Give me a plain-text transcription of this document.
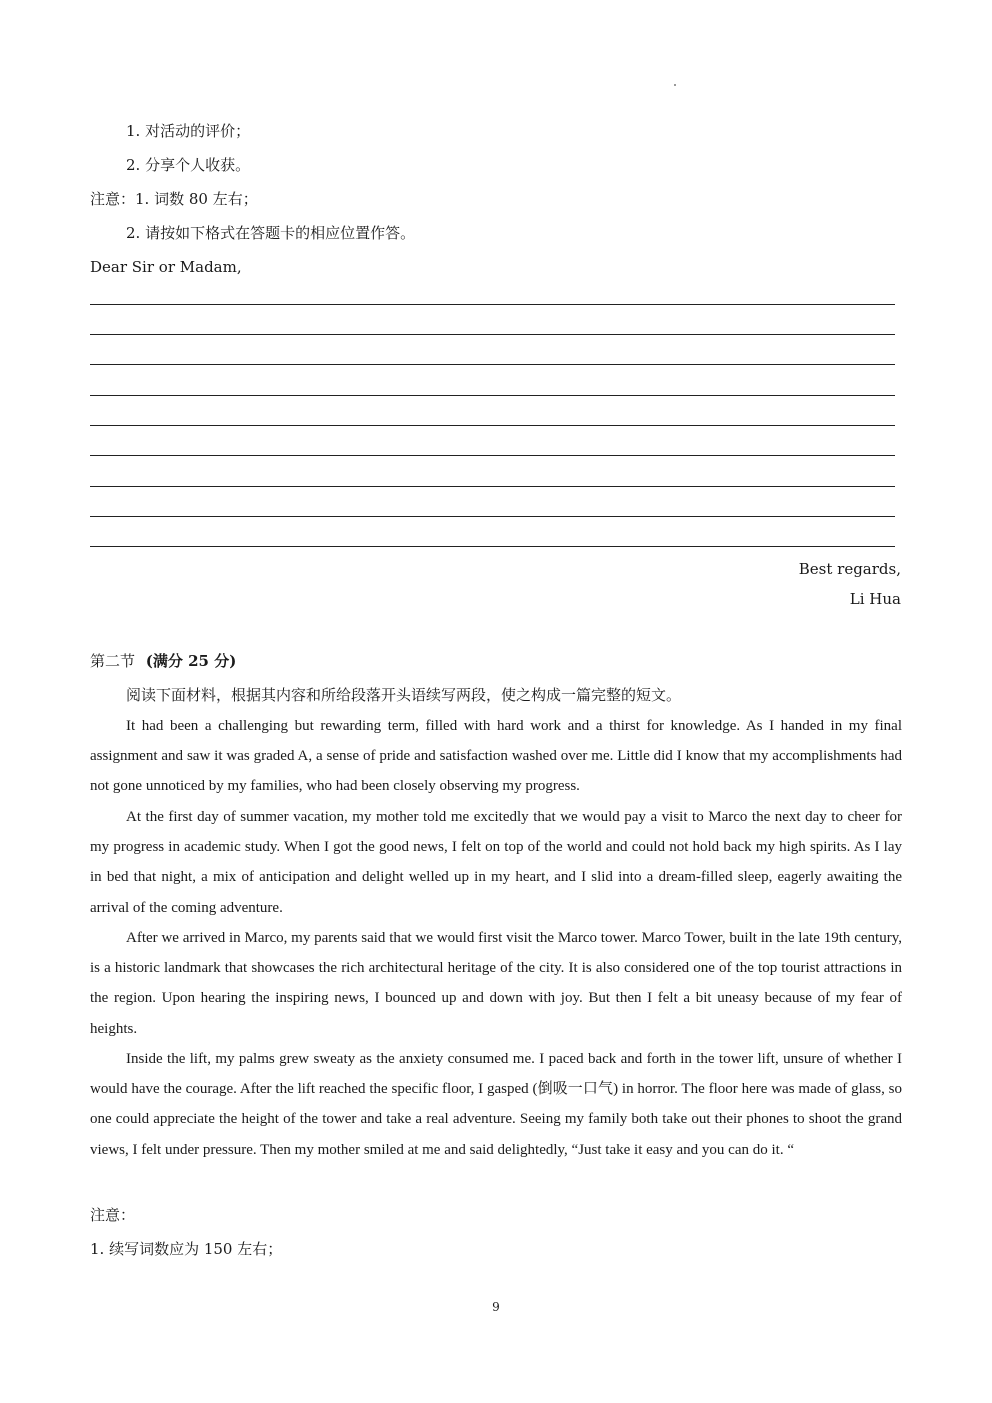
1. 对活动的评价；
2. 分享个人收获。
注意：1. 词数 80 左右；
2. 请按如下格式在答题卡的相应位置作答。
Dear Sir or Madam,
Best regards,
Li Hua
第二节 (满分 25 分)
阅读下面材料，根据其内容和所给段落开头语续写两段，使之构成一篇完整的短文。

It had been a challenging but rewarding term, filled with hard work and a thirst for knowledge. As I handed in my final assignment and saw it was graded A, a sense of pride and satisfaction washed over me. Little did I know that my accomplishments had not gone unnoticed by my families, who had been closely observing my progress.

At the first day of summer vacation, my mother told me excitedly that we would pay a visit to Marco the next day to cheer for my progress in academic study. When I got the good news, I felt on top of the world and could not hold back my high spirits. As I lay in bed that night, a mix of anticipation and delight welled up in my heart, and I slid into a dream-filled sleep, eagerly awaiting the arrival of the coming adventure.

After we arrived in Marco, my parents said that we would first visit the Marco tower. Marco Tower, built in the late 19th century, is a historic landmark that showcases the rich architectural heritage of the city. It is also considered one of the top tourist attractions in the region. Upon hearing the inspiring news, I bounced up and down with joy. But then I felt a bit uneasy because of my fear of heights.

Inside the lift, my palms grew sweaty as the anxiety consumed me. I paced back and forth in the tower lift, unsure of whether I would have the courage. After the lift reached the specific floor, I gasped (倒吸一口气) in horror. The floor here was made of glass, so one could appreciate the height of the tower and take a real adventure. Seeing my family both take out their phones to shoot the grand views, I felt under pressure. Then my mother smiled at me and said delightedly, “Just take it easy and you can do it. “

注意：
1. 续写词数应为 150 左右；
9
